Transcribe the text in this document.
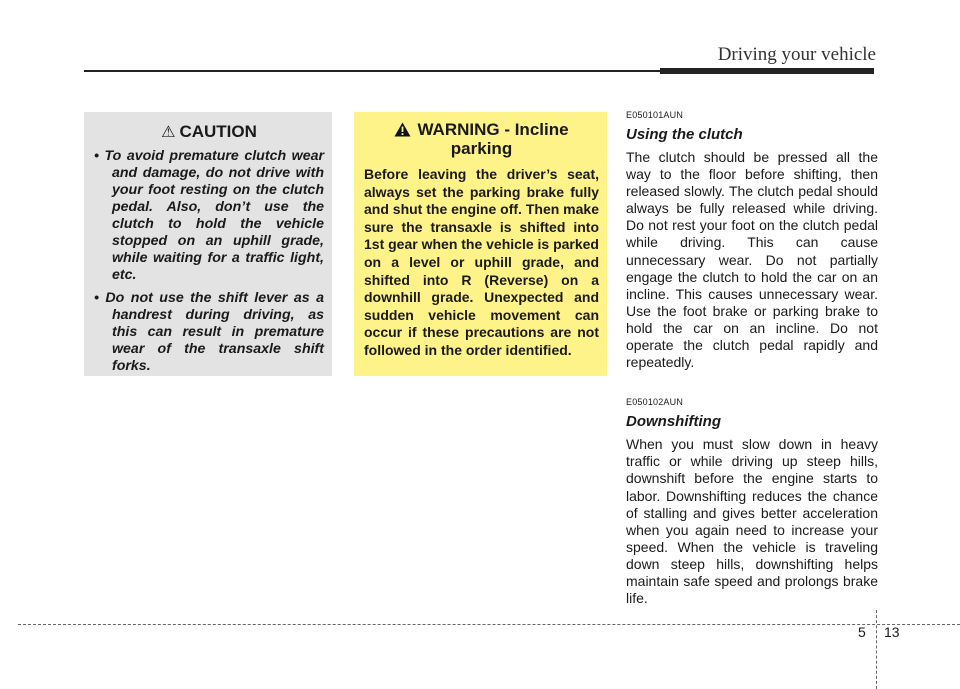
Driving your vehicle
⚠ CAUTION
• To avoid premature clutch wear and damage, do not drive with your foot resting on the clutch pedal. Also, don’t use the clutch to hold the vehicle stopped on an uphill grade, while waiting for a traffic light, etc.
• Do not use the shift lever as a handrest during driving, as this can result in premature wear of the transaxle shift forks.
WARNING - Incline parking
Before leaving the driver’s seat, always set the parking brake fully and shut the engine off. Then make sure the transaxle is shifted into 1st gear when the vehicle is parked on a level or uphill grade, and shifted into R (Reverse) on a downhill grade. Unexpected and sudden vehicle movement can occur if these precautions are not followed in the order identified.
E050101AUN
Using the clutch

The clutch should be pressed all the way to the floor before shifting, then released slowly. The clutch pedal should always be fully released while driving. Do not rest your foot on the clutch pedal while driving. This can cause unnecessary wear. Do not partially engage the clutch to hold the car on an incline. This causes unnecessary wear. Use the foot brake or parking brake to hold the car on an incline. Do not operate the clutch pedal rapidly and repeatedly.

E050102AUN
Downshifting

When you must slow down in heavy traffic or while driving up steep hills, downshift before the engine starts to labor. Downshifting reduces the chance of stalling and gives better acceleration when you again need to increase your speed. When the vehicle is traveling down steep hills, downshifting helps maintain safe speed and prolongs brake life.

5 13
